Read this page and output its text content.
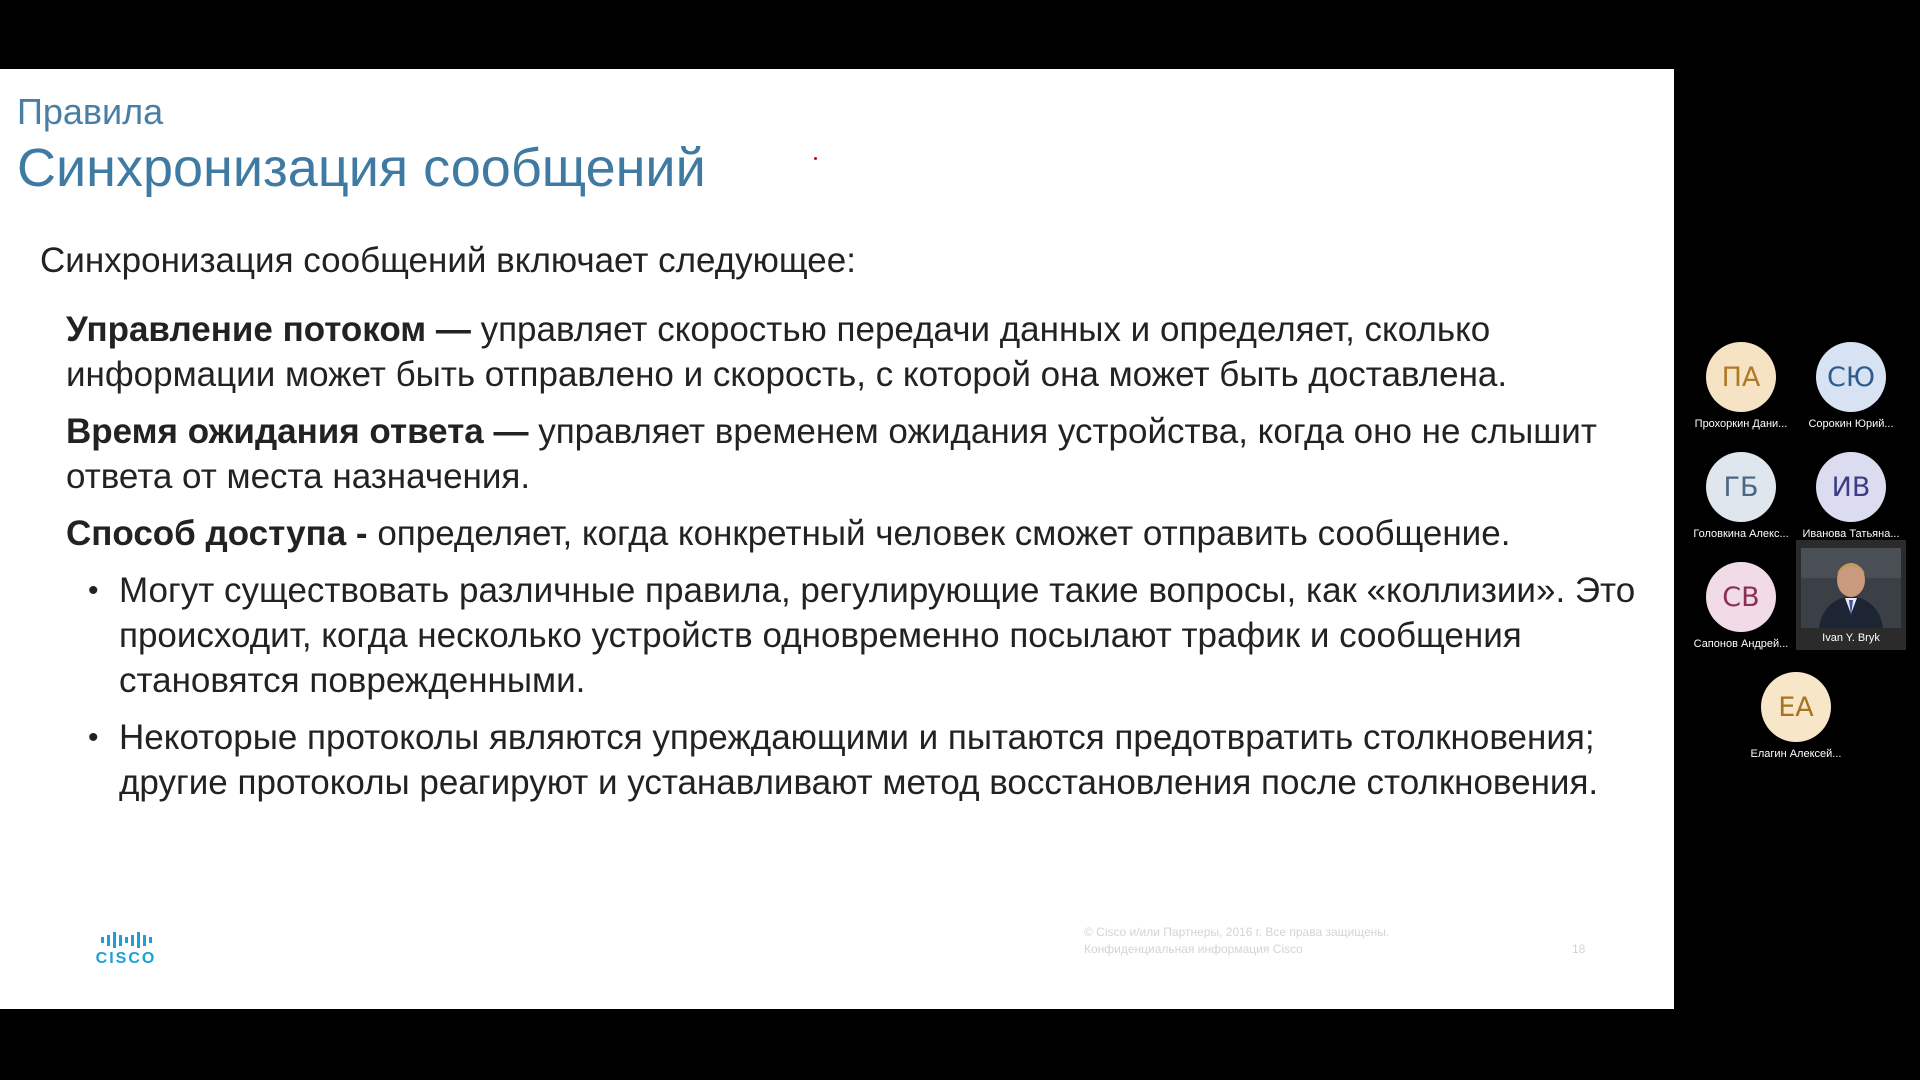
Правила
Синхронизация сообщений

Синхронизация сообщений включает следующее:

Управление потоком — управляет скоростью передачи данных и определяет, сколько информации может быть отправлено и скорость, с которой она может быть доставлена.

Время ожидания ответа — управляет временем ожидания устройства, когда оно не слышит ответа от места назначения.

Способ доступа - определяет, когда конкретный человек сможет отправить сообщение.

• Могут существовать различные правила, регулирующие такие вопросы, как «коллизии». Это происходит, когда несколько устройств одновременно посылают трафик и сообщения становятся поврежденными.
• Некоторые протоколы являются упреждающими и пытаются предотвратить столкновения; другие протоколы реагируют и устанавливают метод восстановления после столкновения.
CISCO
© Cisco и/или Партнеры, 2016 г. Все права защищены.
Конфиденциальная информация Cisco	18
ПА
Прохоркин Дани...
СЮ
Сорокин Юрий...
ГБ
Головкина Алекс...
ИВ
Иванова Татьяна...
СВ
Сапонов Андрей...	Ivan Y. Bryk
ЕА
Елагин Алексей...
